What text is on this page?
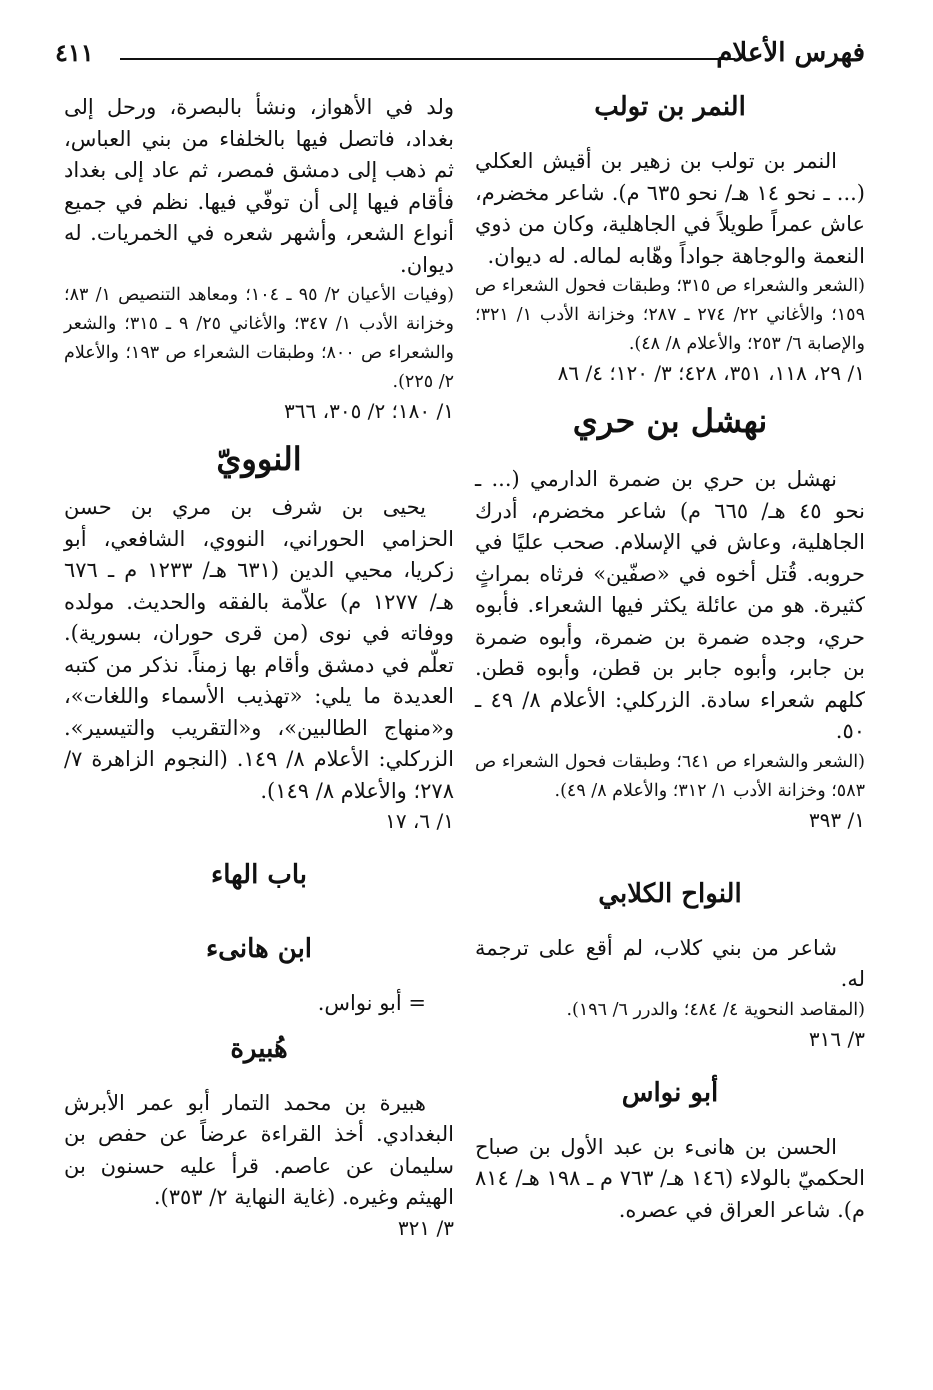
فهرس الأعلام
٤١١
النمر بن تولب

النمر بن تولب بن زهير بن أقيش العكلي (... ـ نحو ١٤ هـ/ نحو ٦٣٥ م). شاعر مخضرم، عاش عمراً طويلاً في الجاهلية، وكان من ذوي النعمة والوجاهة جواداً وهّابه لماله. له ديوان.

(الشعر والشعراء ص ٣١٥؛ وطبقات فحول الشعراء ص ١٥٩؛ والأغاني ٢٢/ ٢٧٤ ـ ٢٨٧؛ وخزانة الأدب ١/ ٣٢١؛ والإصابة ٦/ ٢٥٣؛ والأعلام ٨/ ٤٨).

١/ ٢٩، ١١٨، ٣٥١، ٤٢٨؛ ٣/ ١٢٠؛ ٤/ ٨٦

نهشل بن حري

نهشل بن حري بن ضمرة الدارمي (... ـ نحو ٤٥ هـ/ ٦٦٥ م) شاعر مخضرم، أدرك الجاهلية، وعاش في الإسلام. صحب عليًا في حروبه. قُتل أخوه في «صفّين» فرثاه بمراثٍ كثيرة. هو من عائلة يكثر فيها الشعراء. فأبوه حري، وجده ضمرة بن ضمرة، وأبوه ضمرة بن جابر، وأبوه جابر بن قطن، وأبوه قطن. كلهم شعراء سادة. الزركلي: الأعلام ٨/ ٤٩ ـ ٥٠.

(الشعر والشعراء ص ٦٤١؛ وطبقات فحول الشعراء ص ٥٨٣؛ وخزانة الأدب ١/ ٣١٢؛ والأعلام ٨/ ٤٩).

١/ ٣٩٣

النواح الكلابي

شاعر من بني كلاب، لم أقع على ترجمة له.

(المقاصد النحوية ٤/ ٤٨٤؛ والدرر ٦/ ١٩٦).

٣/ ٣١٦

أبو نواس

الحسن بن هانىء بن عبد الأول بن صباح الحكميّ بالولاء (١٤٦ هـ/ ٧٦٣ م ـ ١٩٨ هـ/ ٨١٤ م). شاعر العراق في عصره.

ولد في الأهواز، ونشأ بالبصرة، ورحل إلى بغداد، فاتصل فيها بالخلفاء من بني العباس، ثم ذهب إلى دمشق فمصر، ثم عاد إلى بغداد فأقام فيها إلى أن توفّي فيها. نظم في جميع أنواع الشعر، وأشهر شعره في الخمريات. له ديوان.

(وفيات الأعيان ٢/ ٩٥ ـ ١٠٤؛ ومعاهد التنصيص ١/ ٨٣؛ وخزانة الأدب ١/ ٣٤٧؛ والأغاني ٢٥/ ٩ ـ ٣١٥؛ والشعر والشعراء ص ٨٠٠؛ وطبقات الشعراء ص ١٩٣؛ والأعلام ٢/ ٢٢٥).

١/ ١٨٠؛ ٢/ ٣٠٥، ٣٦٦

النوويّ

يحيى بن شرف بن مري بن حسن الحزامي الحوراني، النووي، الشافعي، أبو زكريا، محيي الدين (٦٣١ هـ/ ١٢٣٣ م ـ ٦٧٦ هـ/ ١٢٧٧ م) علاّمة بالفقه والحديث. مولده ووفاته في نوى (من قرى حوران، بسورية). تعلّم في دمشق وأقام بها زمناً. نذكر من كتبه العديدة ما يلي: «تهذيب الأسماء واللغات»، و«منهاج الطالبين»، و«التقريب والتيسير». الزركلي: الأعلام ٨/ ١٤٩. (النجوم الزاهرة ٧/ ٢٧٨؛ والأعلام ٨/ ١٤٩).

١/ ٦، ١٧

باب الهاء
ابن هانىء

= أبو نواس.

هُبيرة

هبيرة بن محمد التمار أبو عمر الأبرش البغدادي. أخذ القراءة عرضاً عن حفص بن سليمان عن عاصم. قرأ عليه حسنون بن الهيثم وغيره. (غاية النهاية ٢/ ٣٥٣).

٣/ ٣٢١
